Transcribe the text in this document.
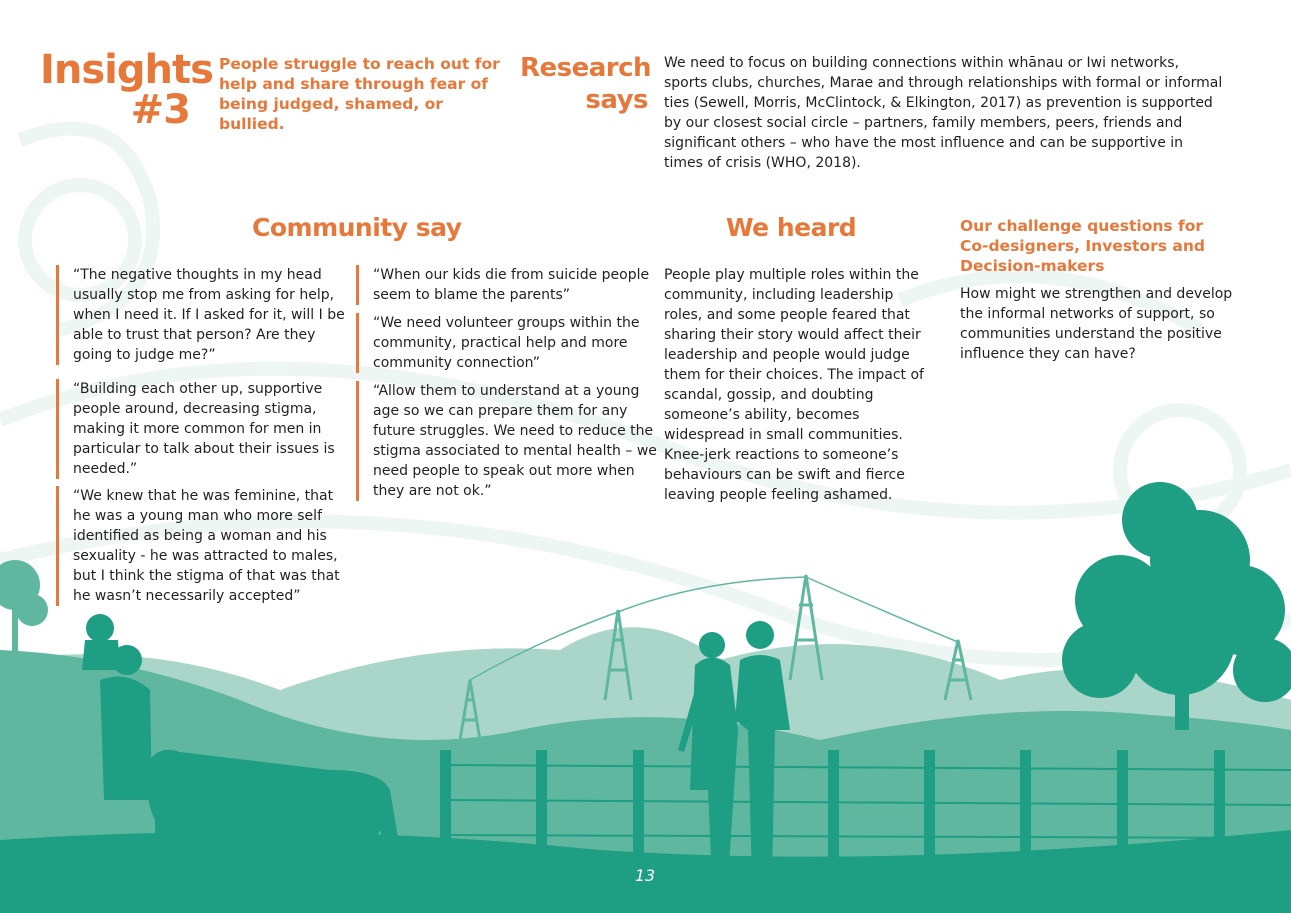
Insights
#3
People struggle to reach out for help and share through fear of being judged, shamed, or bullied.
Research
says
We need to focus on building connections within whānau or Iwi networks, sports clubs, churches, Marae and through relationships with formal or informal ties (Sewell, Morris, McClintock, & Elkington, 2017) as prevention is supported by our closest social circle – partners, family members, peers, friends and significant others – who have the most influence and can be supportive in times of crisis (WHO, 2018).
Community say
“The negative thoughts in my head usually stop me from asking for help, when I need it. If I asked for it, will I be able to trust that person? Are they going to judge me?”
“Building each other up, supportive people around, decreasing stigma, making it more common for men in particular to talk about their issues is needed.”
“We knew that he was feminine, that he was a young man who more self identified as being a woman and his sexuality - he was attracted to males, but I think the stigma of that was that he wasn’t necessarily accepted”
“When our kids die from suicide people seem to blame the parents”
“We need volunteer groups within the community, practical help and more community connection”
“Allow them to understand at a young age so we can prepare them for any future struggles. We need to reduce the stigma associated to mental health – we need people to speak out more when they are not ok.”
We heard
People play multiple roles within the community, including leadership roles, and some people feared that sharing their story would affect their leadership and people would judge them for their choices. The impact of scandal, gossip, and doubting someone’s ability, becomes widespread in small communities. Knee-jerk reactions to someone’s behaviours can be swift and fierce leaving people feeling ashamed.
Our challenge questions for Co-designers, Investors and Decision-makers
How might we strengthen and develop the informal networks of support, so communities understand the positive influence they can have?
13
